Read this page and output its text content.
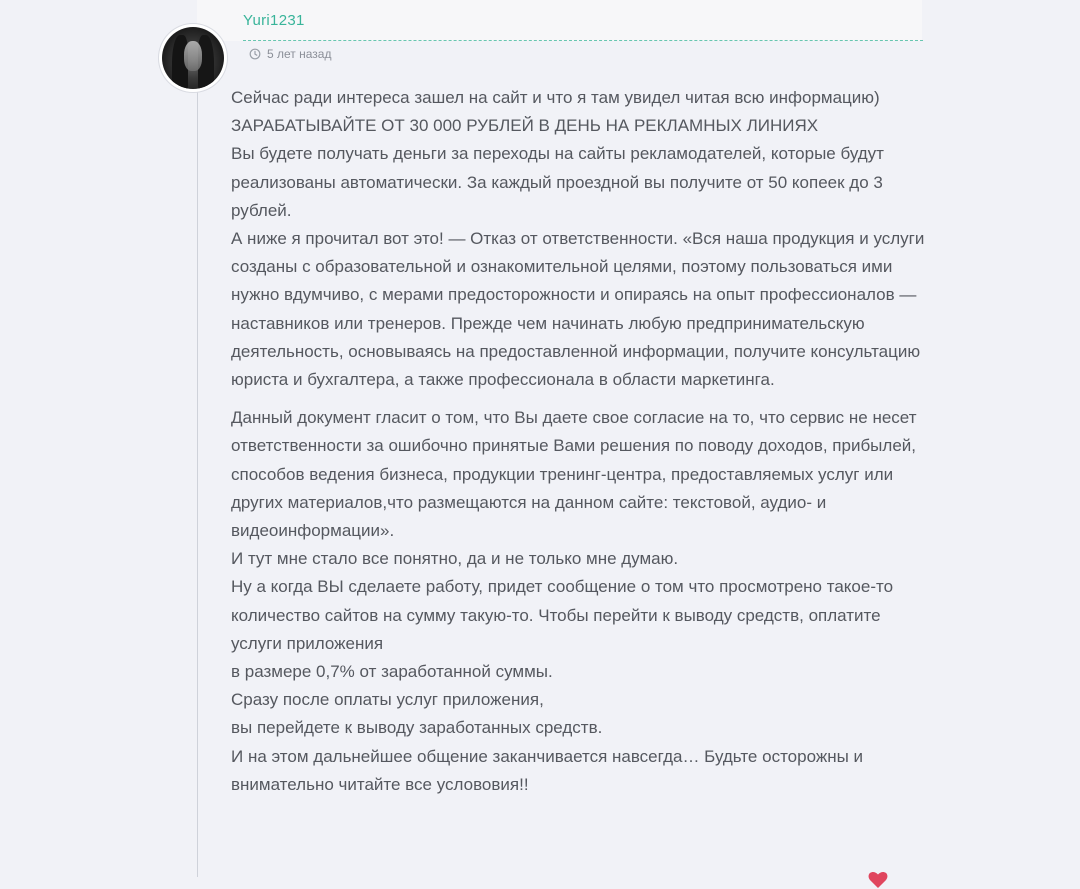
Yuri1231
5 лет назад

Сейчас ради интереса зашел на сайт и что я там увидел читая всю информацию)
ЗАРАБАТЫВАЙТЕ ОТ 30 000 РУБЛЕЙ В ДЕНЬ НА РЕКЛАМНЫХ ЛИНИЯХ
Вы будете получать деньги за переходы на сайты рекламодателей, которые будут реализованы автоматически. За каждый проездной вы получите от 50 копеек до 3 рублей.
А ниже я прочитал вот это! — Отказ от ответственности. «Вся наша продукция и услуги созданы с образовательной и ознакомительной целями, поэтому пользоваться ими нужно вдумчиво, с мерами предосторожности и опираясь на опыт профессионалов — наставников или тренеров. Прежде чем начинать любую предпринимательскую деятельность, основываясь на предоставленной информации, получите консультацию юриста и бухгалтера, а также профессионала в области маркетинга.

Данный документ гласит о том, что Вы даете свое согласие на то, что сервис не несет ответственности за ошибочно принятые Вами решения по поводу доходов, прибылей, способов ведения бизнеса, продукции тренинг-центра, предоставляемых услуг или других материалов,что размещаются на данном сайте: текстовой, аудио- и видеоинформации».
И тут мне стало все понятно, да и не только мне думаю.
Ну а когда ВЫ сделаете работу, придет сообщение о том что просмотрено такое-то количество сайтов на сумму такую-то. Чтобы перейти к выводу средств, оплатите услуги приложения
в размере 0,7% от заработанной суммы.
Сразу после оплаты услуг приложения,
вы перейдете к выводу заработанных средств.
И на этом дальнейшее общение заканчивается навсегда… Будьте осторожны и внимательно читайте все услововия!!
